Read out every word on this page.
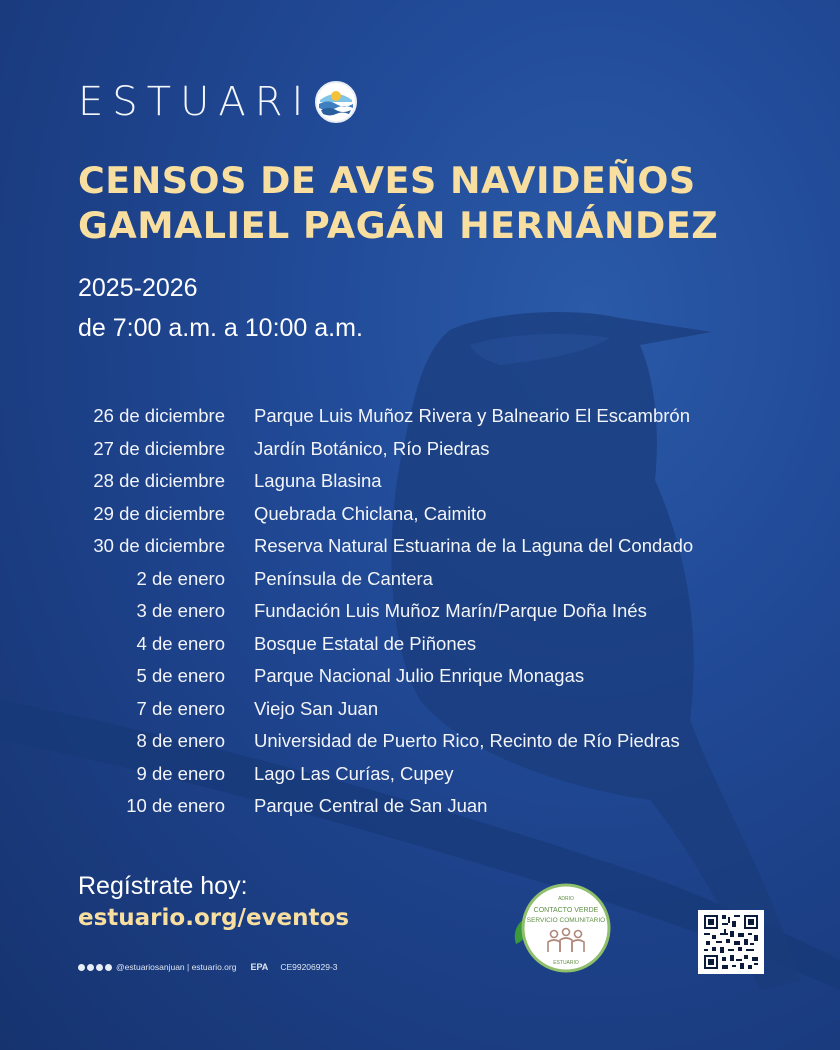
ESTUARI
CENSOS DE AVES NAVIDEÑOS
GAMALIEL PAGÁN HERNÁNDEZ
2025-2026
de 7:00 a.m. a 10:00 a.m.
26 de diciembre Parque Luis Muñoz Rivera y Balneario El Escambrón
27 de diciembre Jardín Botánico, Río Piedras
28 de diciembre Laguna Blasina
29 de diciembre Quebrada Chiclana, Caimito
30 de diciembre Reserva Natural Estuarina de la Laguna del Condado
2 de enero Península de Cantera
3 de enero Fundación Luis Muñoz Marín/Parque Doña Inés
4 de enero Bosque Estatal de Piñones
5 de enero Parque Nacional Julio Enrique Monagas
7 de enero Viejo San Juan
8 de enero Universidad de Puerto Rico, Recinto de Río Piedras
9 de enero Lago Las Curías, Cupey
10 de enero Parque Central de San Juan
Regístrate hoy:
estuario.org/eventos
@estuariosanjuan | estuario.org EPA CE99206929-3
ADRIO
CONTACTO VERDE
SERVICIO COMUNITARIO
ESTUARIO
